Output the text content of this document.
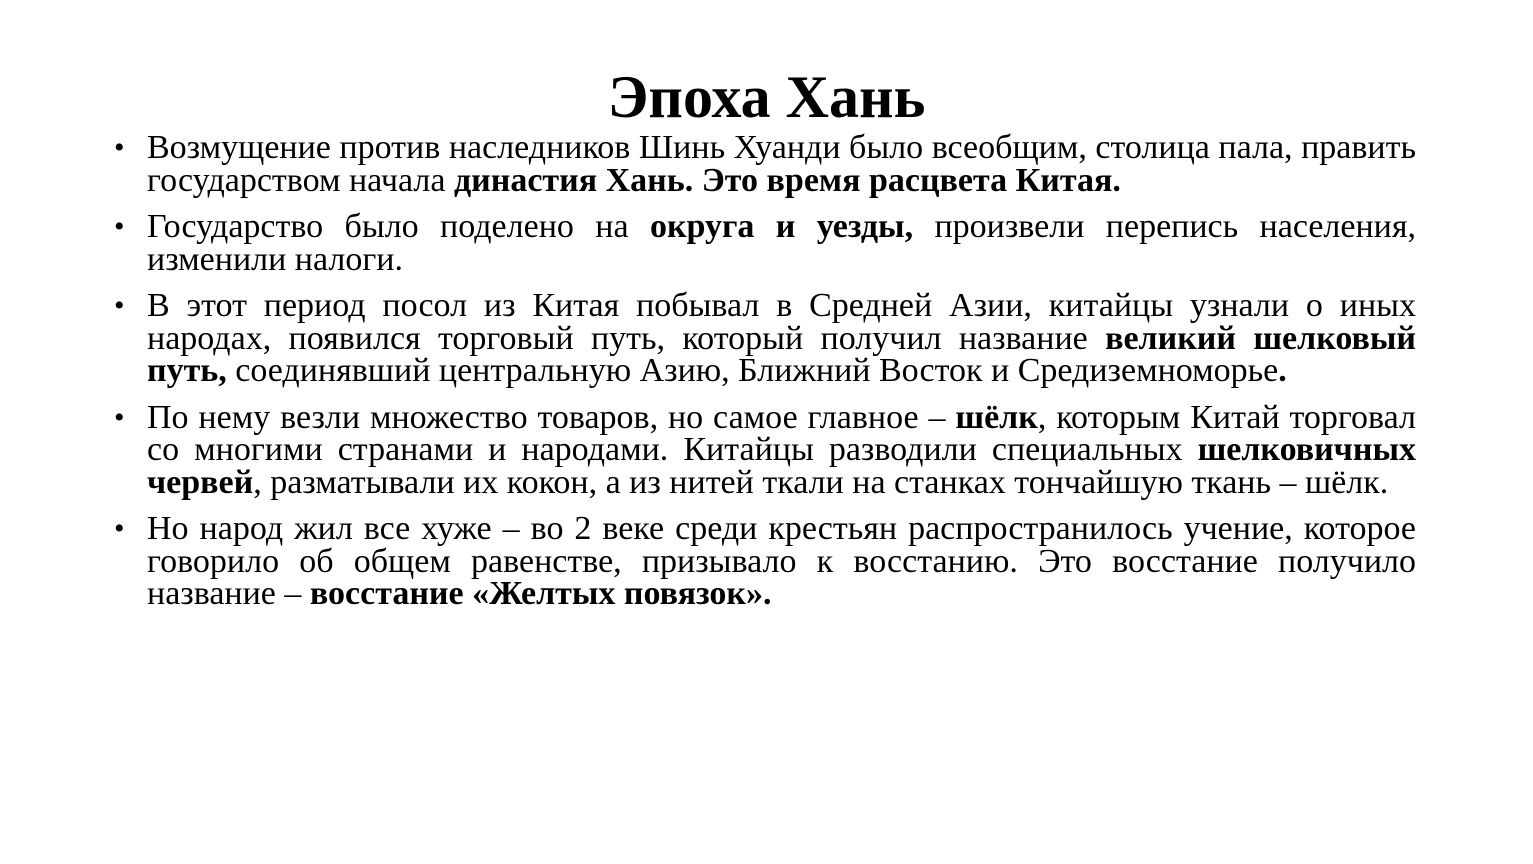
Эпоха Хань
• Возмущение против наследников Шинь Хуанди было всеобщим, столица пала, править государством начала династия Хань. Это время расцвета Китая.
• Государство было поделено на округа и уезды, произвели перепись населения, изменили налоги.
• В этот период посол из Китая побывал в Средней Азии, китайцы узнали о иных народах, появился торговый путь, который получил название великий шелковый путь, соединявший центральную Азию, Ближний Восток и Средиземноморье.
• По нему везли множество товаров, но самое главное – шёлк, которым Китай торговал со многими странами и народами. Китайцы разводили специальных шелковичных червей, разматывали их кокон, а из нитей ткали на станках тончайшую ткань – шёлк.
• Но народ жил все хуже – во 2 веке среди крестьян распространилось учение, которое говорило об общем равенстве, призывало к восстанию. Это восстание получило название – восстание «Желтых повязок».
